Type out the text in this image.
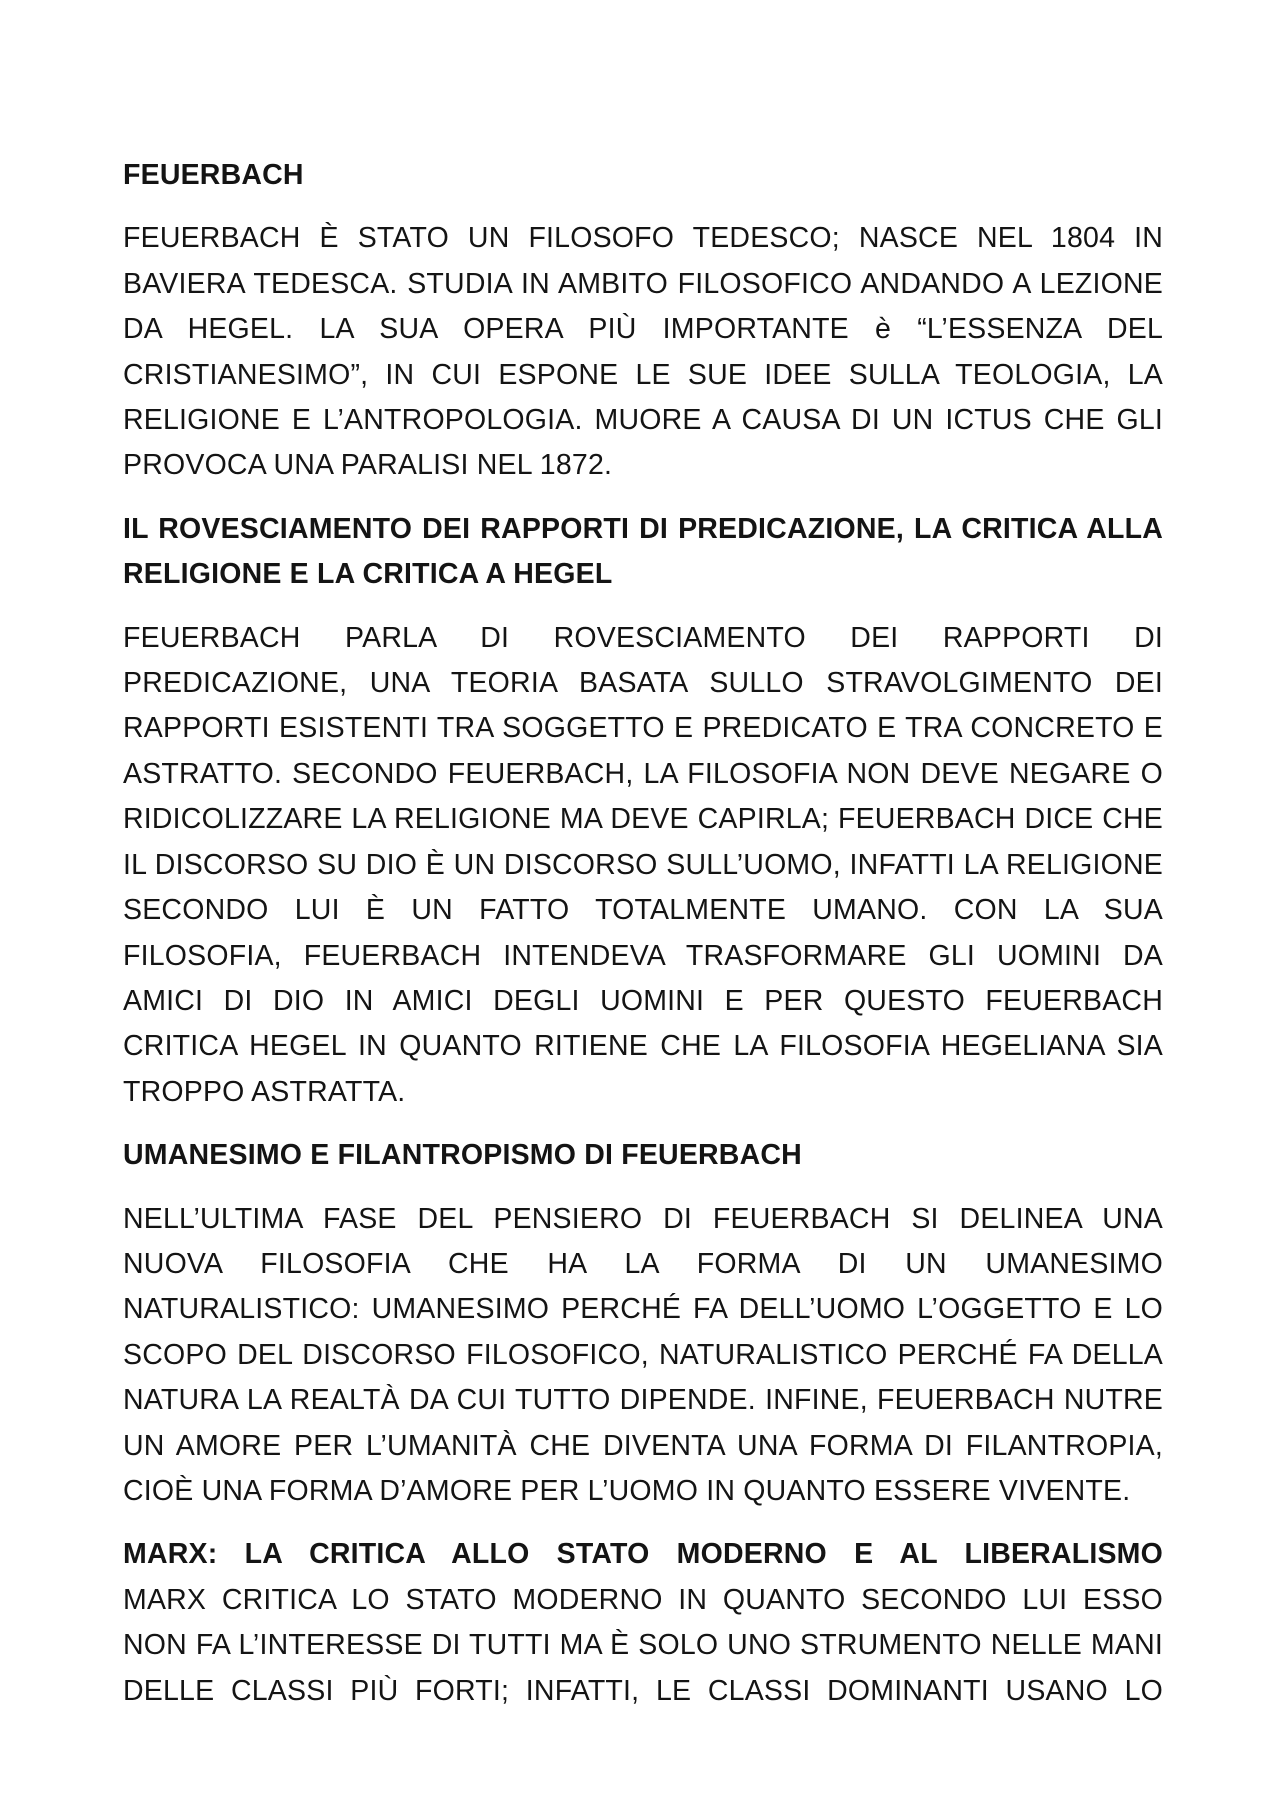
FEUERBACH
FEUERBACH È STATO UN FILOSOFO TEDESCO; NASCE NEL 1804 IN BAVIERA TEDESCA. STUDIA IN AMBITO FILOSOFICO ANDANDO A LEZIONE DA HEGEL. LA SUA OPERA PIÙ IMPORTANTE è “L’ESSENZA DEL CRISTIANESIMO”, IN CUI ESPONE LE SUE IDEE SULLA TEOLOGIA, LA RELIGIONE E L’ANTROPOLOGIA. MUORE A CAUSA DI UN ICTUS CHE GLI PROVOCA UNA PARALISI NEL 1872.
IL ROVESCIAMENTO DEI RAPPORTI DI PREDICAZIONE, LA CRITICA ALLA RELIGIONE E LA CRITICA A HEGEL
FEUERBACH PARLA DI ROVESCIAMENTO DEI RAPPORTI DI PREDICAZIONE, UNA TEORIA BASATA SULLO STRAVOLGIMENTO DEI RAPPORTI ESISTENTI TRA SOGGETTO E PREDICATO E TRA CONCRETO E ASTRATTO. SECONDO FEUERBACH, LA FILOSOFIA NON DEVE NEGARE O RIDICOLIZZARE LA RELIGIONE MA DEVE CAPIRLA; FEUERBACH DICE CHE IL DISCORSO SU DIO È UN DISCORSO SULL’UOMO, INFATTI LA RELIGIONE SECONDO LUI È UN FATTO TOTALMENTE UMANO. CON LA SUA FILOSOFIA, FEUERBACH INTENDEVA TRASFORMARE GLI UOMINI DA AMICI DI DIO IN AMICI DEGLI UOMINI E PER QUESTO FEUERBACH CRITICA HEGEL IN QUANTO RITIENE CHE LA FILOSOFIA HEGELIANA SIA TROPPO ASTRATTA.
UMANESIMO E FILANTROPISMO DI FEUERBACH
NELL’ULTIMA FASE DEL PENSIERO DI FEUERBACH SI DELINEA UNA NUOVA FILOSOFIA CHE HA LA FORMA DI UN UMANESIMO NATURALISTICO: UMANESIMO PERCHÉ FA DELL’UOMO L’OGGETTO E LO SCOPO DEL DISCORSO FILOSOFICO, NATURALISTICO PERCHÉ FA DELLA NATURA LA REALTÀ DA CUI TUTTO DIPENDE. INFINE, FEUERBACH NUTRE UN AMORE PER L’UMANITÀ CHE DIVENTA UNA FORMA DI FILANTROPIA, CIOÈ UNA FORMA D’AMORE PER L’UOMO IN QUANTO ESSERE VIVENTE.
MARX: LA CRITICA ALLO STATO MODERNO E AL LIBERALISMO
MARX CRITICA LO STATO MODERNO IN QUANTO SECONDO LUI ESSO NON FA L’INTERESSE DI TUTTI MA È SOLO UNO STRUMENTO NELLE MANI DELLE CLASSI PIÙ FORTI; INFATTI, LE CLASSI DOMINANTI USANO LO
